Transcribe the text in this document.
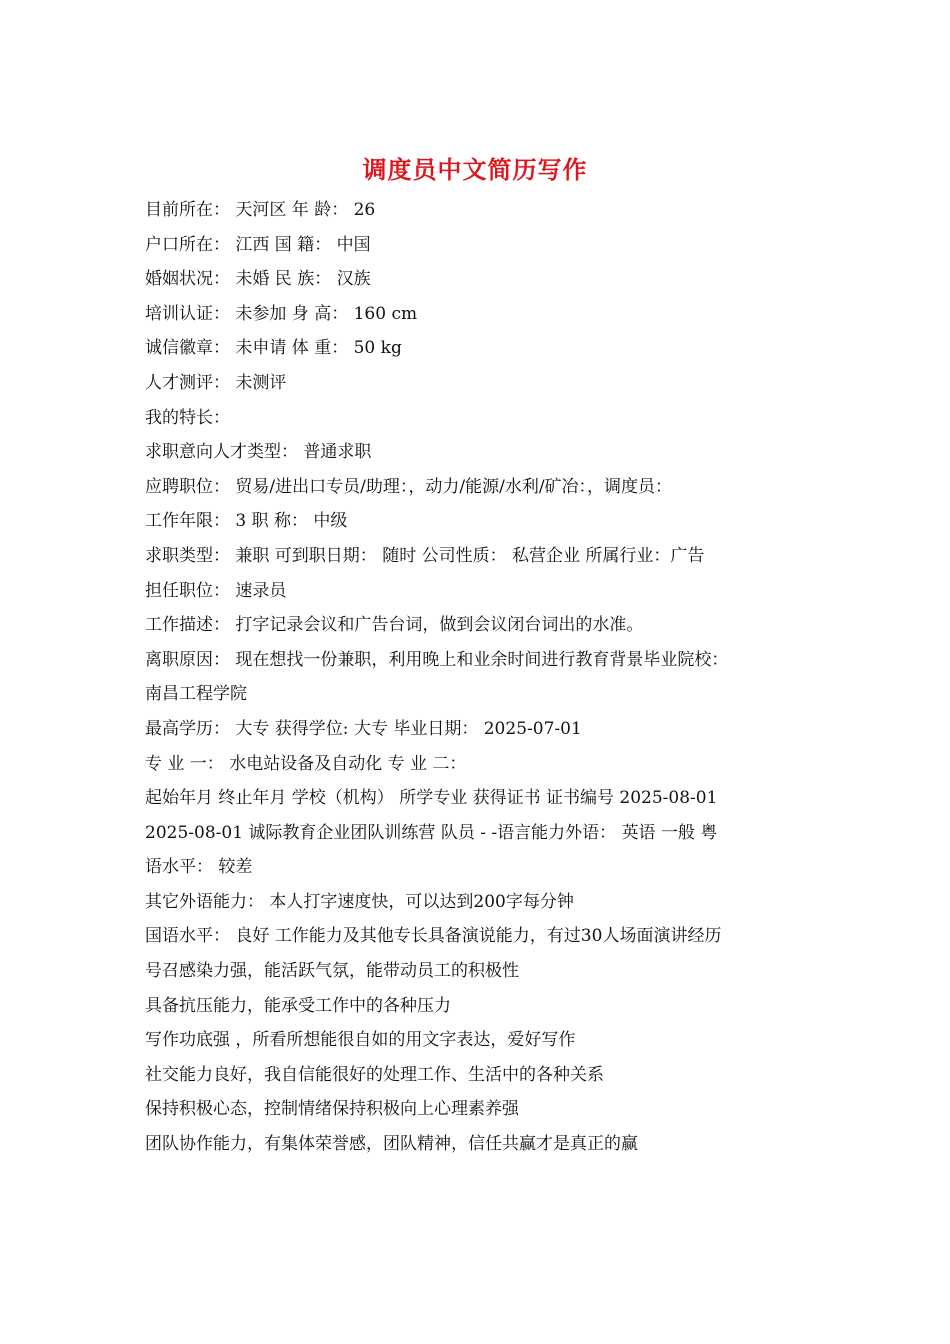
调度员中文简历写作
目前所在： 天河区 年 龄： 26
户口所在： 江西 国 籍： 中国
婚姻状况： 未婚 民 族： 汉族
培训认证： 未参加 身 高： 160 cm
诚信徽章： 未申请 体 重： 50 kg
人才测评： 未测评
我的特长：
求职意向人才类型： 普通求职
应聘职位： 贸易/进出口专员/助理：，动力/能源/水利/矿冶：，调度员：
工作年限： 3 职 称： 中级
求职类型： 兼职 可到职日期： 随时 公司性质： 私营企业 所属行业：广告
担任职位： 速录员
工作描述： 打字记录会议和广告台词，做到会议闭台词出的水准。
离职原因： 现在想找一份兼职，利用晚上和业余时间进行教育背景毕业院校：
南昌工程学院
最高学历： 大专 获得学位: 大专 毕业日期： 2025-07-01
专 业 一： 水电站设备及自动化 专 业 二：
起始年月 终止年月 学校（机构） 所学专业 获得证书 证书编号 2025-08-01
2025-08-01 诚际教育企业团队训练营 队员 - -语言能力外语： 英语 一般 粤
语水平： 较差
其它外语能力： 本人打字速度快，可以达到200字每分钟
国语水平： 良好 工作能力及其他专长具备演说能力，有过30人场面演讲经历
号召感染力强，能活跃气氛，能带动员工的积极性
具备抗压能力，能承受工作中的各种压力
写作功底强 ，所看所想能很自如的用文字表达，爱好写作
社交能力良好，我自信能很好的处理工作、生活中的各种关系
保持积极心态，控制情绪保持积极向上心理素养强
团队协作能力，有集体荣誉感，团队精神，信任共赢才是真正的赢
